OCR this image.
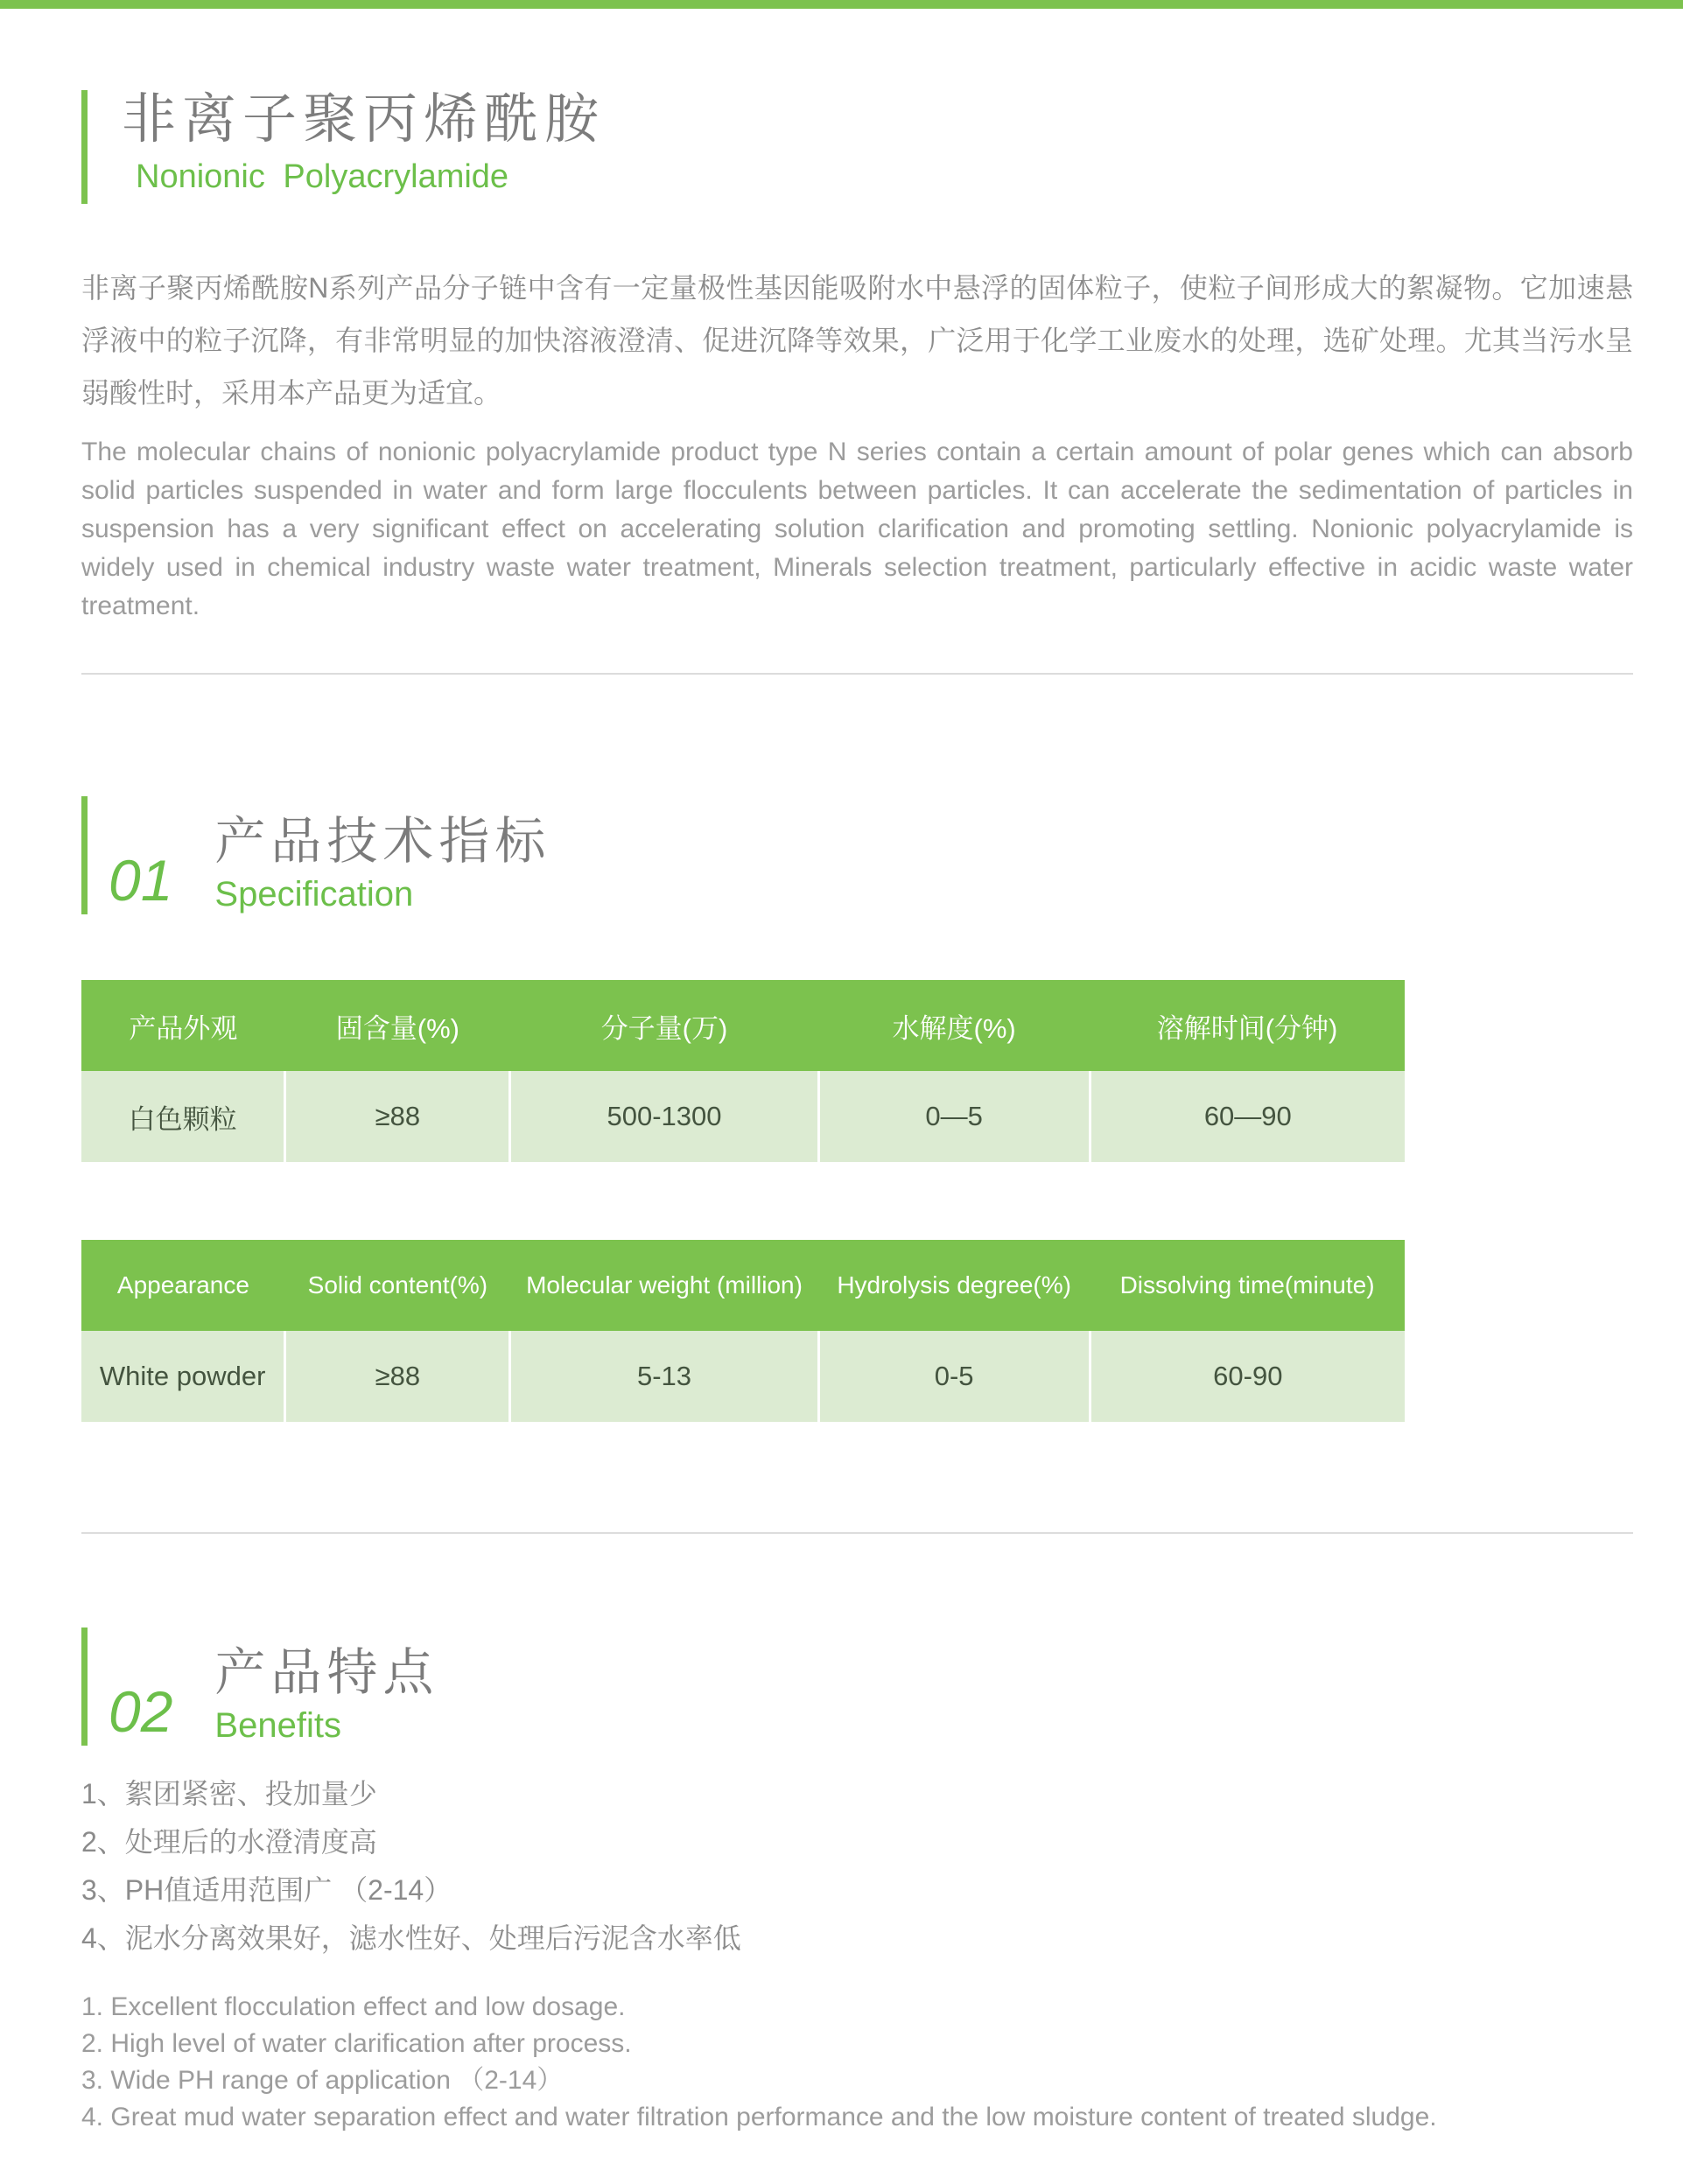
非离子聚丙烯酰胺
Nonionic Polyacrylamide

非离子聚丙烯酰胺N系列产品分子链中含有一定量极性基因能吸附水中悬浮的固体粒子，使粒子间形成大的絮凝物。它加速悬浮液中的粒子沉降，有非常明显的加快溶液澄清、促进沉降等效果，广泛用于化学工业废水的处理，选矿处理。尤其当污水呈弱酸性时，采用本产品更为适宜。

The molecular chains of nonionic polyacrylamide product type N series contain a certain amount of polar genes which can absorb solid particles suspended in water and form large flocculents between particles. It can accelerate the sedimentation of particles in suspension has a very significant effect on accelerating solution clarification and promoting settling. Nonionic polyacrylamide is widely used in chemical industry waste water treatment, Minerals selection treatment, particularly effective in acidic waste water treatment.

01
产品技术指标
Specification
产品外观	固含量(%)	分子量(万)	水解度(%)	溶解时间(分钟)
白色颗粒	≥88	500-1300	0—5	60—90
Appearance	Solid content(%)	Molecular weight (million)	Hydrolysis degree(%)	Dissolving time(minute)
White powder	≥88	5-13	0-5	60-90
02
产品特点
Benefits
1、絮团紧密、投加量少
2、处理后的水澄清度高
3、PH值适用范围广 （2-14）
4、泥水分离效果好，滤水性好、处理后污泥含水率低
1. Excellent flocculation effect and low dosage.
2. High level of water clarification after process.
3. Wide PH range of application （2-14）
4. Great mud water separation effect and water filtration performance and the low moisture content of treated sludge.
